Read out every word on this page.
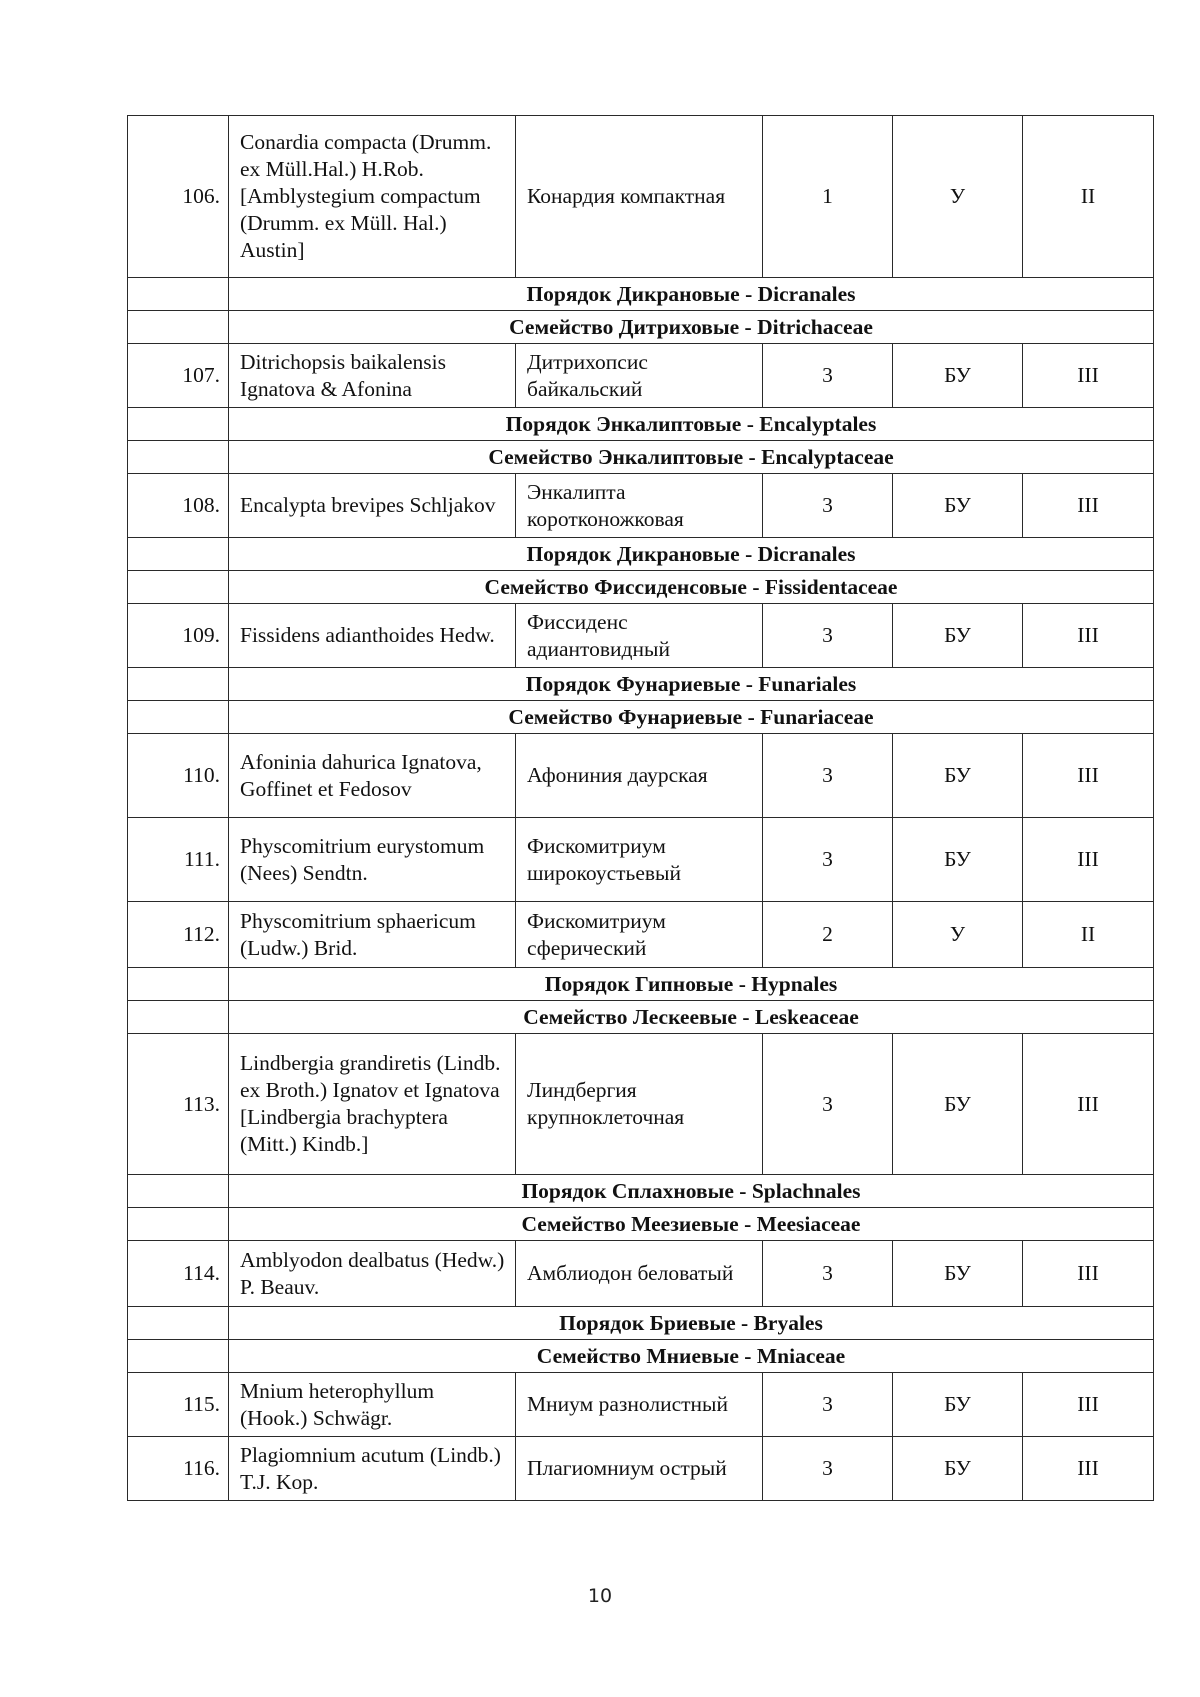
106.	Conardia compacta (Drumm. ex Müll.Hal.) H.Rob. [Amblystegium compactum (Drumm. ex Müll. Hal.) Austin]	Конардия компактная	1	У	II
	Порядок Дикрановые - Dicranales				
	Семейство Дитриховые - Ditrichaceae				
107.	Ditrichopsis baikalensis Ignatova & Afonina	Дитрихопсис байкальский	3	БУ	III
	Порядок Энкалиптовые - Encalyptales				
	Семейство Энкалиптовые - Encalyptaceae				
108.	Encalypta brevipes Schljakov	Энкалипта коротконожковая	3	БУ	III
	Порядок Дикрановые - Dicranales				
	Семейство Фиссиденсовые - Fissidentaceae				
109.	Fissidens adianthoides Hedw.	Фиссиденс адиантовидный	3	БУ	III
	Порядок Фунариевые - Funariales				
	Семейство Фунариевые - Funariaceae				
110.	Afoninia dahurica Ignatova, Goffinet et Fedosov	Афониния даурская	3	БУ	III
111.	Physcomitrium eurystomum (Nees) Sendtn.	Фискомитриум широкоустьевый	3	БУ	III
112.	Physcomitrium sphaericum (Ludw.) Brid.	Фискомитриум сферический	2	У	II
	Порядок Гипновые - Hypnales				
	Семейство Лескеевые - Leskeaceae				
113.	Lindbergia grandiretis (Lindb. ex Broth.) Ignatov et Ignatova [Lindbergia brachyptera (Mitt.) Kindb.]	Линдбергия крупноклеточная	3	БУ	III
	Порядок Сплахновые - Splachnales				
	Семейство Меезиевые - Meesiaceae				
114.	Amblyodon dealbatus (Hedw.) P. Beauv.	Амблиодон беловатый	3	БУ	III
	Порядок Бриевые - Bryales				
	Семейство Мниевые - Mniaceae				
115.	Mnium heterophyllum (Hook.) Schwägr.	Мниум разнолистный	3	БУ	III
116.	Plagiomnium acutum (Lindb.) T.J. Kop.	Плагиомниум острый	3	БУ	III
10
